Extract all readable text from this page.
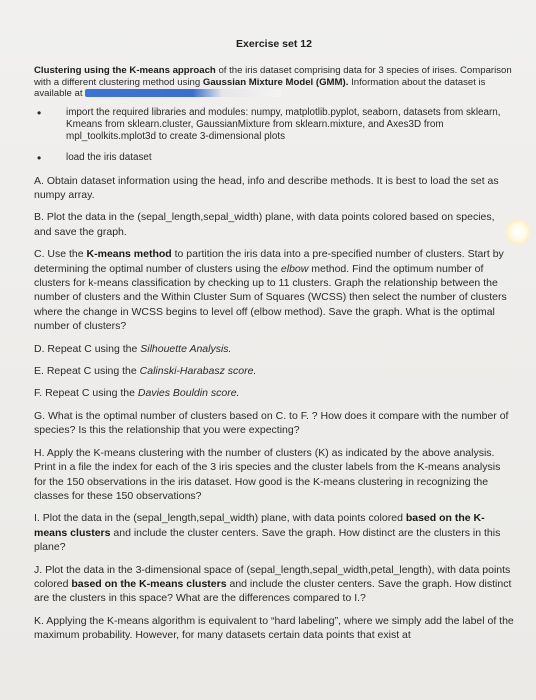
Exercise set 12

Clustering using the K-means approach of the iris dataset comprising data for 3 species of irises. Comparison with a different clustering method using Gaussian Mixture Model (GMM). Information about the dataset is available at

•	import the required libraries and modules: numpy, matplotlib.pyplot, seaborn, datasets from sklearn, Kmeans from sklearn.cluster, GaussianMixture from sklearn.mixture, and Axes3D from mpl_toolkits.mplot3d to create 3-dimensional plots
•	load the iris dataset

A. Obtain dataset information using the head, info and describe methods. It is best to load the set as numpy array.

B. Plot the data in the (sepal_length,sepal_width) plane, with data points colored based on species, and save the graph.

C. Use the K-means method to partition the iris data into a pre-specified number of clusters. Start by determining the optimal number of clusters using the elbow method. Find the optimum number of clusters for k-means classification by checking up to 11 clusters. Graph the relationship between the number of clusters and the Within Cluster Sum of Squares (WCSS) then select the number of clusters where the change in WCSS begins to level off (elbow method). Save the graph. What is the optimal number of clusters?

D. Repeat C using the Silhouette Analysis.

E. Repeat C using the Calinski-Harabasz score.

F. Repeat C using the Davies Bouldin score.

G. What is the optimal number of clusters based on C. to F. ? How does it compare with the number of species? Is this the relationship that you were expecting?

H. Apply the K-means clustering with the number of clusters (K) as indicated by the above analysis. Print in a file the index for each of the 3 iris species and the cluster labels from the K-means analysis for the 150 observations in the iris dataset. How good is the K-means clustering in recognizing the classes for these 150 observations?

I. Plot the data in the (sepal_length,sepal_width) plane, with data points colored based on the K-means clusters and include the cluster centers. Save the graph. How distinct are the clusters in this plane?

J. Plot the data in the 3-dimensional space of (sepal_length,sepal_width,petal_length), with data points colored based on the K-means clusters and include the cluster centers. Save the graph. How distinct are the clusters in this space? What are the differences compared to I.?

K. Applying the K-means algorithm is equivalent to “hard labeling”, where we simply add the label of the maximum probability. However, for many datasets certain data points that exist at
